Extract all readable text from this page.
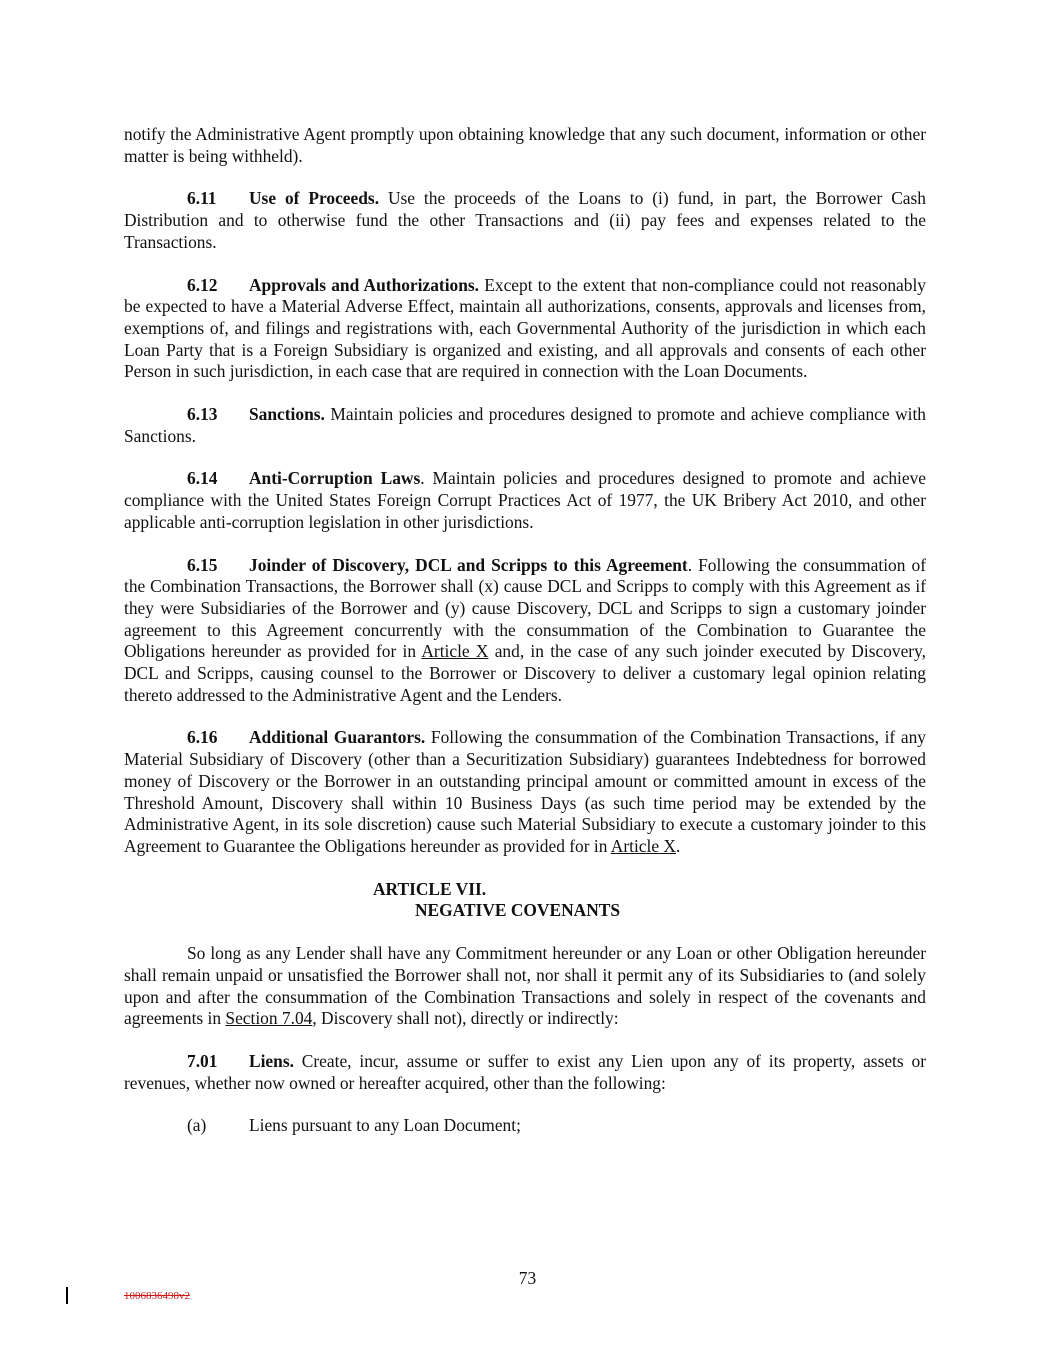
notify the Administrative Agent promptly upon obtaining knowledge that any such document, information or other matter is being withheld).

6.11 Use of Proceeds. Use the proceeds of the Loans to (i) fund, in part, the Borrower Cash Distribution and to otherwise fund the other Transactions and (ii) pay fees and expenses related to the Transactions.

6.12 Approvals and Authorizations. Except to the extent that non-compliance could not reasonably be expected to have a Material Adverse Effect, maintain all authorizations, consents, approvals and licenses from, exemptions of, and filings and registrations with, each Governmental Authority of the jurisdiction in which each Loan Party that is a Foreign Subsidiary is organized and existing, and all approvals and consents of each other Person in such jurisdiction, in each case that are required in connection with the Loan Documents.

6.13 Sanctions. Maintain policies and procedures designed to promote and achieve compliance with Sanctions.

6.14 Anti-Corruption Laws. Maintain policies and procedures designed to promote and achieve compliance with the United States Foreign Corrupt Practices Act of 1977, the UK Bribery Act 2010, and other applicable anti-corruption legislation in other jurisdictions.

6.15 Joinder of Discovery, DCL and Scripps to this Agreement. Following the consummation of the Combination Transactions, the Borrower shall (x) cause DCL and Scripps to comply with this Agreement as if they were Subsidiaries of the Borrower and (y) cause Discovery, DCL and Scripps to sign a customary joinder agreement to this Agreement concurrently with the consummation of the Combination to Guarantee the Obligations hereunder as provided for in Article X and, in the case of any such joinder executed by Discovery, DCL and Scripps, causing counsel to the Borrower or Discovery to deliver a customary legal opinion relating thereto addressed to the Administrative Agent and the Lenders.

6.16 Additional Guarantors. Following the consummation of the Combination Transactions, if any Material Subsidiary of Discovery (other than a Securitization Subsidiary) guarantees Indebtedness for borrowed money of Discovery or the Borrower in an outstanding principal amount or committed amount in excess of the Threshold Amount, Discovery shall within 10 Business Days (as such time period may be extended by the Administrative Agent, in its sole discretion) cause such Material Subsidiary to execute a customary joinder to this Agreement to Guarantee the Obligations hereunder as provided for in Article X.

ARTICLE VII.
NEGATIVE COVENANTS

So long as any Lender shall have any Commitment hereunder or any Loan or other Obligation hereunder shall remain unpaid or unsatisfied the Borrower shall not, nor shall it permit any of its Subsidiaries to (and solely upon and after the consummation of the Combination Transactions and solely in respect of the covenants and agreements in Section 7.04, Discovery shall not), directly or indirectly:

7.01 Liens. Create, incur, assume or suffer to exist any Lien upon any of its property, assets or revenues, whether now owned or hereafter acquired, other than the following:

(a) Liens pursuant to any Loan Document;

73
1006836498v2
